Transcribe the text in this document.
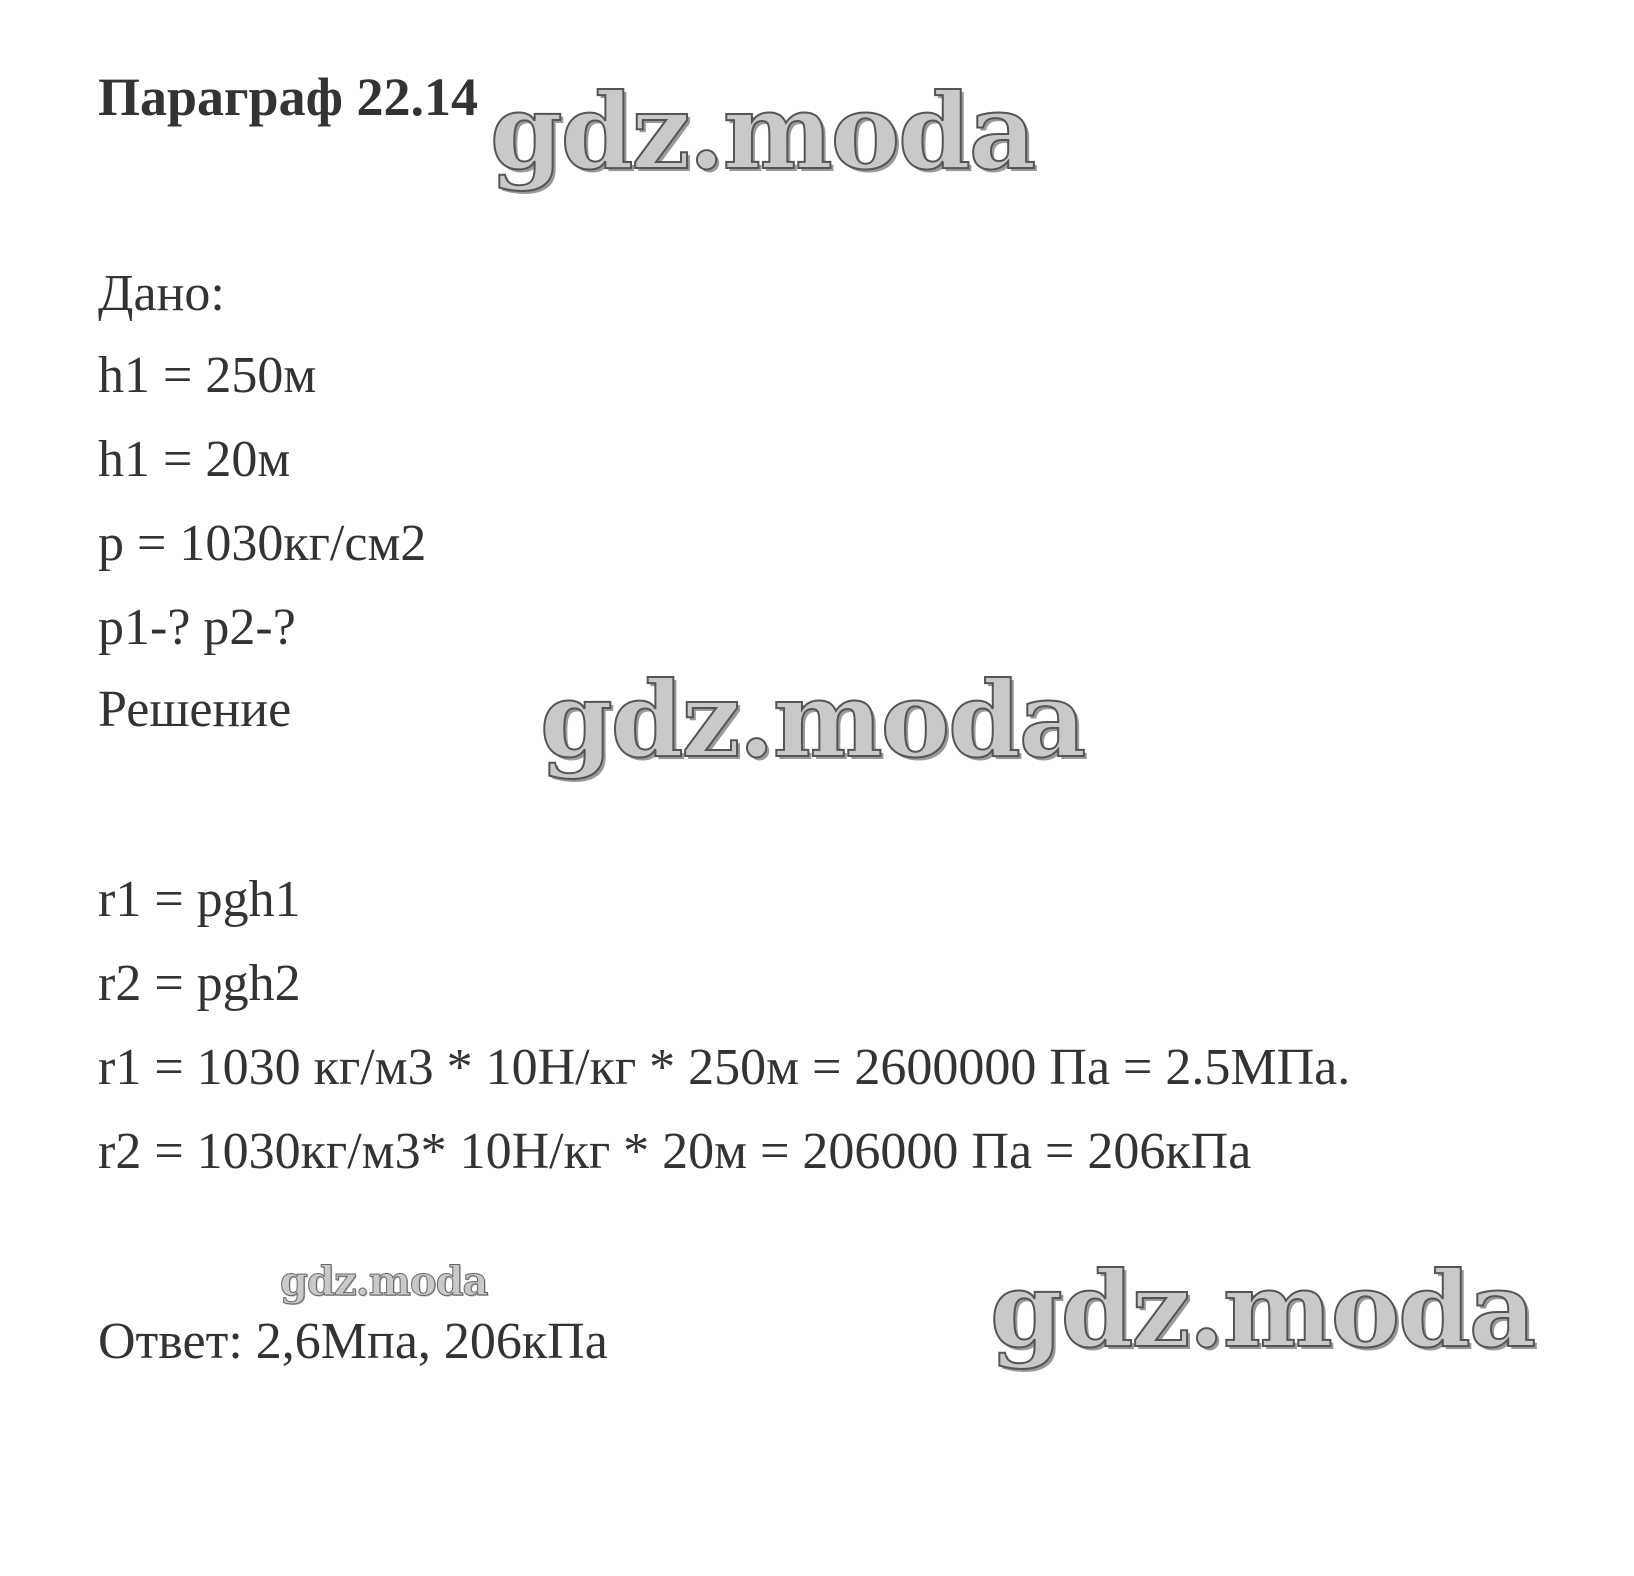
Параграф 22.14 gdz.moda
Дано:
h1 = 250м
h1 = 20м
p = 1030кг/см2
p1-? p2-?
Решение gdz.moda
r1 = pgh1
r2 = pgh2
r1 = 1030 кг/м3 * 10Н/кг * 250м = 2600000 Па = 2.5МПа.
r2 = 1030кг/м3* 10Н/кг * 20м = 206000 Па = 206кПа
gdz.moda	gdz.moda
Ответ: 2,6Мпа, 206кПа
